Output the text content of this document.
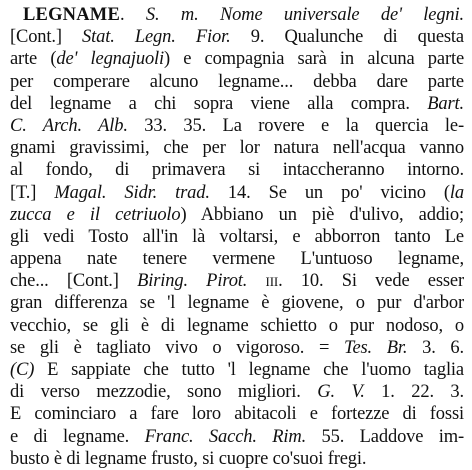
LEGNAME. S. m. Nome universale de' legni.
[Cont.] Stat. Legn. Fior. 9. Qualunche di questa
arte (de' legnajuoli) e compagnia sarà in alcuna parte
per comperare alcuno legname... debba dare parte
del legname a chi sopra viene alla compra. Bart.
C. Arch. Alb. 33. 35. La rovere e la quercia le-
gnami gravissimi, che per lor natura nell'acqua vanno
al fondo, di primavera si intaccheranno intorno.
[T.] Magal. Sidr. trad. 14. Se un po' vicino (la
zucca e il cetriuolo) Abbiano un piè d'ulivo, addio;
gli vedi Tosto all'in là voltarsi, e abborron tanto Le
appena nate tenere vermene L'untuoso legname,
che... [Cont.] Biring. Pirot. iii. 10. Si vede esser
gran differenza se 'l legname è giovene, o pur d'arbor
vecchio, se gli è di legname schietto o pur nodoso, o
se gli è tagliato vivo o vigoroso. = Tes. Br. 3. 6.
(C) E sappiate che tutto 'l legname che l'uomo taglia
di verso mezzodie, sono migliori. G. V. 1. 22. 3.
E cominciaro a fare loro abitacoli e fortezze di fossi
e di legname. Franc. Sacch. Rim. 55. Laddove im-
busto è di legname frusto, si cuopre co'suoi fregi.
